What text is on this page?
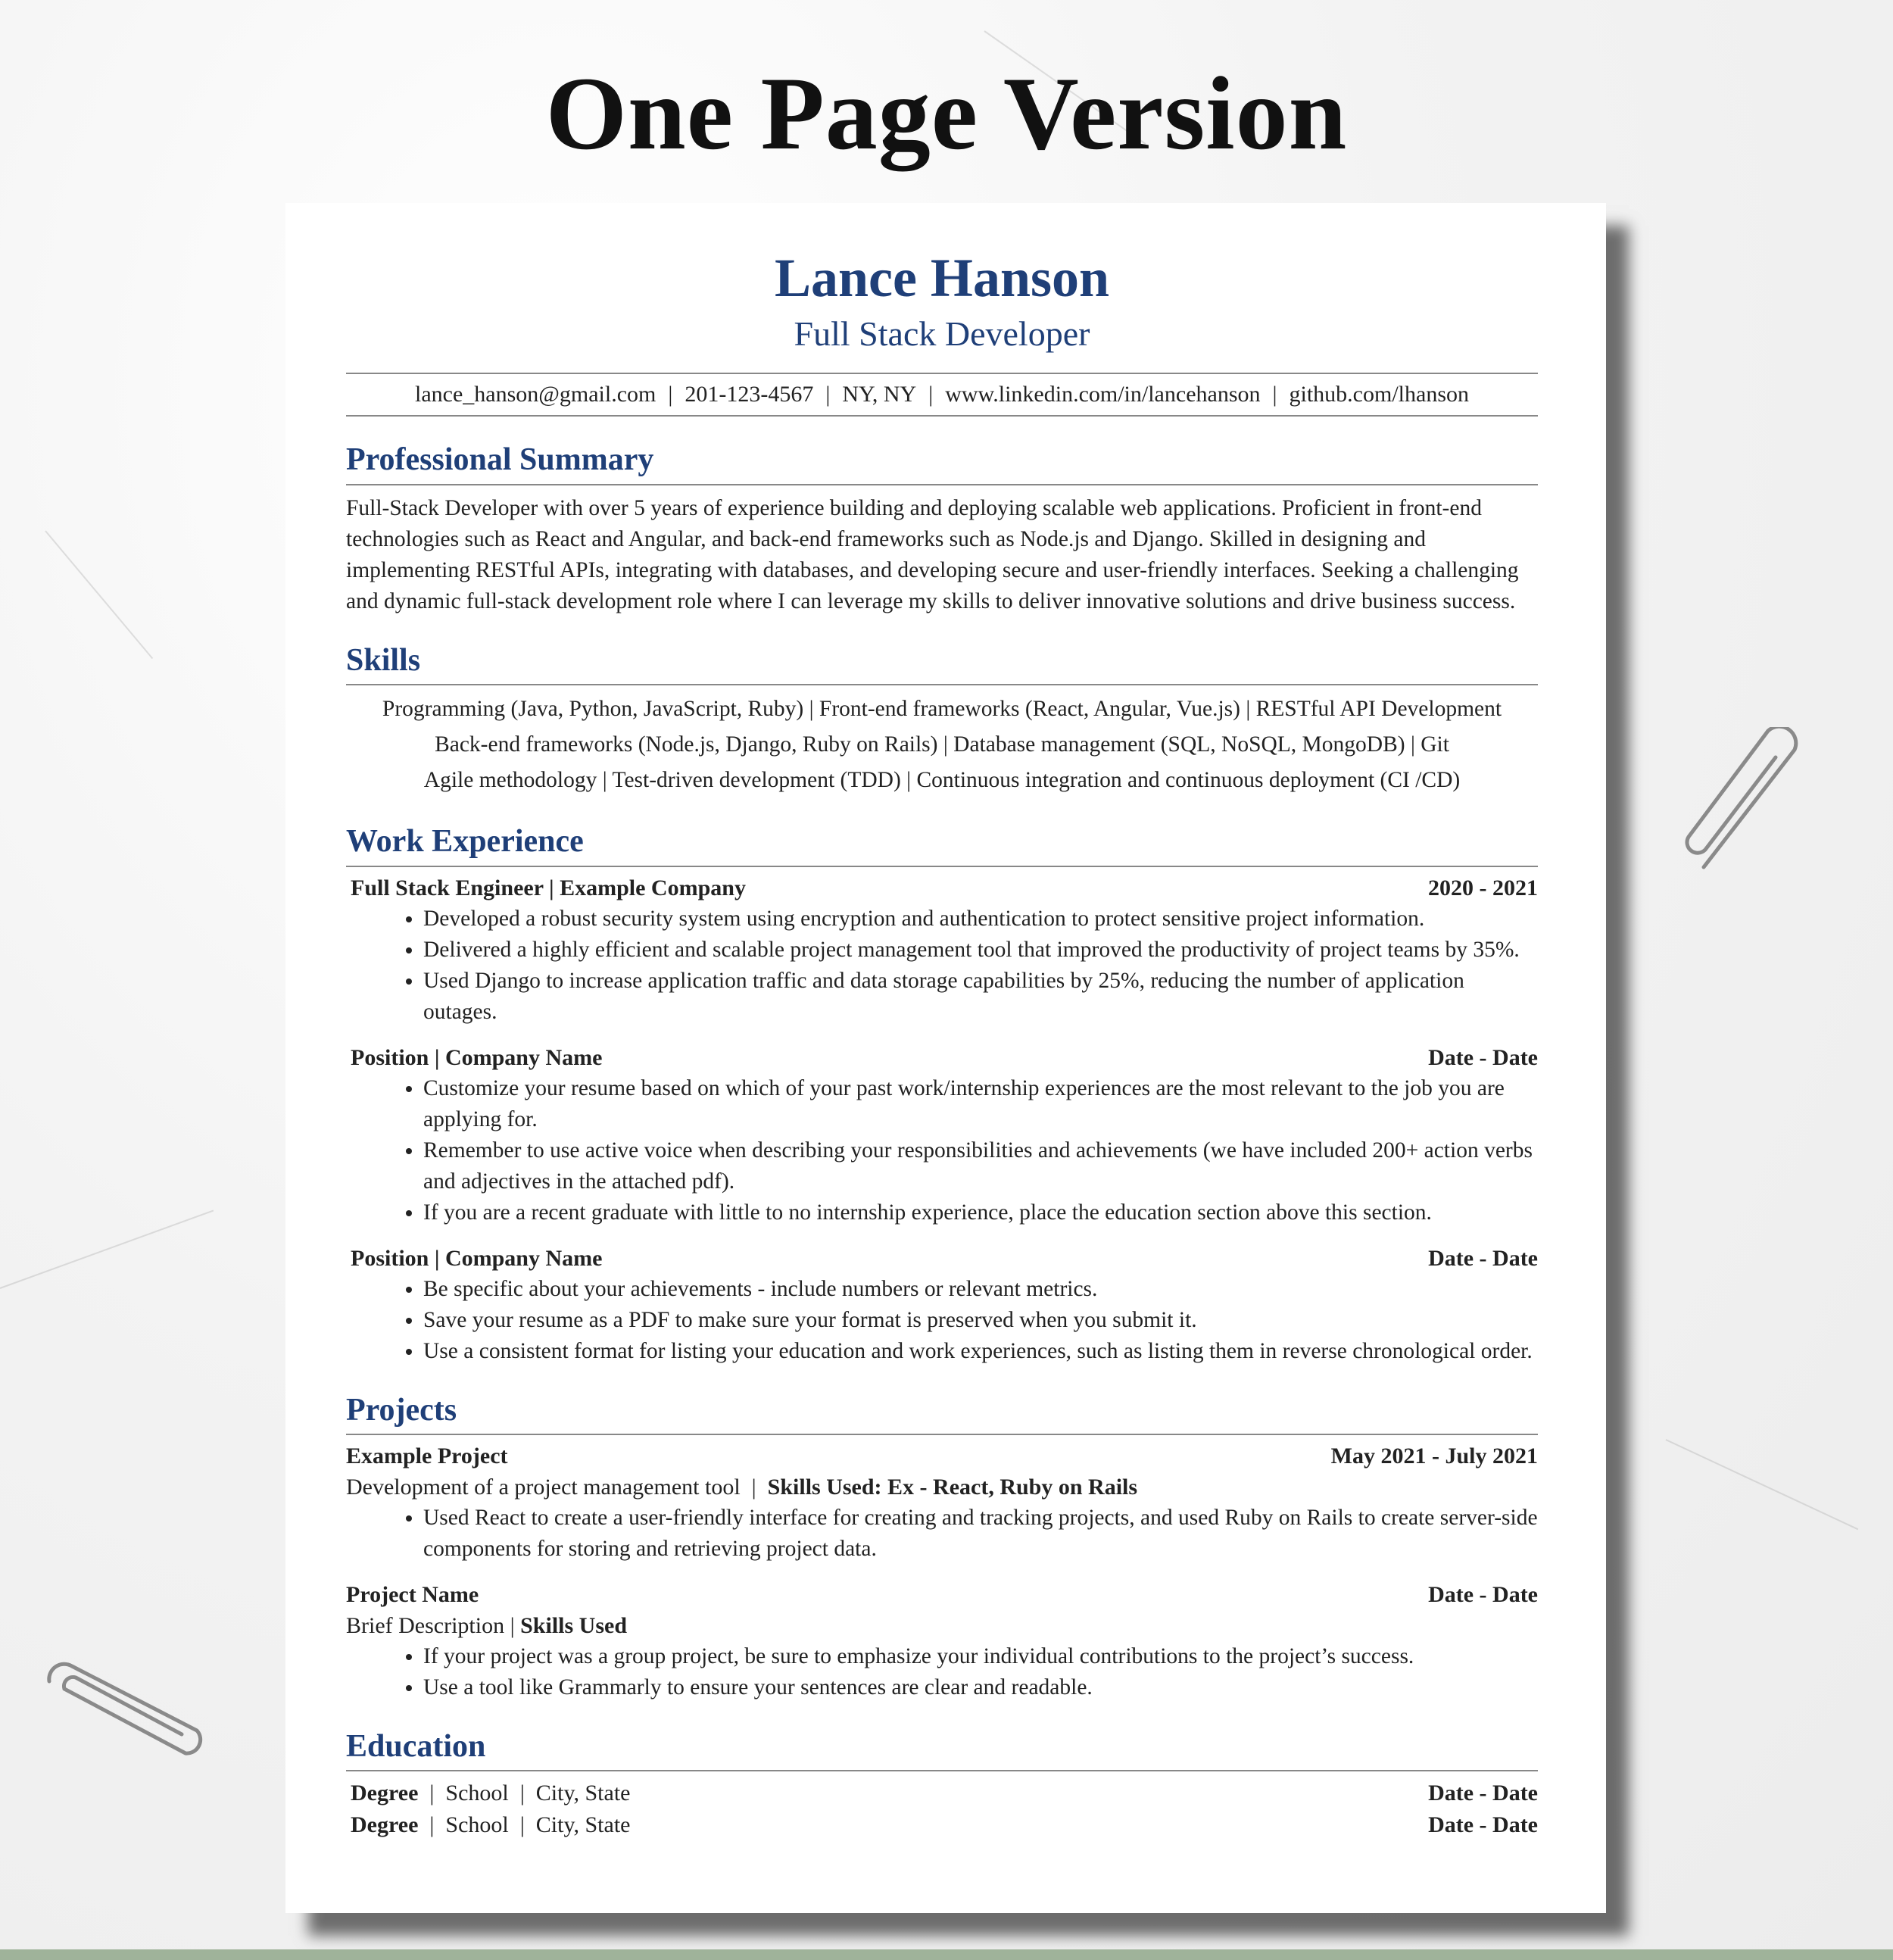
One Page Version
Lance Hanson
Full Stack Developer
lance_hanson@gmail.com | 201-123-4567 | NY, NY | www.linkedin.com/in/lancehanson | github.com/lhanson
Professional Summary
Full-Stack Developer with over 5 years of experience building and deploying scalable web applications. Proficient in front-end technologies such as React and Angular, and back-end frameworks such as Node.js and Django. Skilled in designing and implementing RESTful APIs, integrating with databases, and developing secure and user-friendly interfaces. Seeking a challenging and dynamic full-stack development role where I can leverage my skills to deliver innovative solutions and drive business success.
Skills
Programming (Java, Python, JavaScript, Ruby) | Front-end frameworks (React, Angular, Vue.js) | RESTful API Development
Back-end frameworks (Node.js, Django, Ruby on Rails) | Database management (SQL, NoSQL, MongoDB) | Git
Agile methodology | Test-driven development (TDD) | Continuous integration and continuous deployment (CI /CD)
Work Experience
Full Stack Engineer | Example Company	2020 - 2021
• Developed a robust security system using encryption and authentication to protect sensitive project information.
• Delivered a highly efficient and scalable project management tool that improved the productivity of project teams by 35%.
• Used Django to increase application traffic and data storage capabilities by 25%, reducing the number of application outages.
Position | Company Name	Date - Date
• Customize your resume based on which of your past work/internship experiences are the most relevant to the job you are applying for.
• Remember to use active voice when describing your responsibilities and achievements (we have included 200+ action verbs and adjectives in the attached pdf).
• If you are a recent graduate with little to no internship experience, place the education section above this section.
Position | Company Name	Date - Date
• Be specific about your achievements - include numbers or relevant metrics.
• Save your resume as a PDF to make sure your format is preserved when you submit it.
• Use a consistent format for listing your education and work experiences, such as listing them in reverse chronological order.
Projects
Example Project	May 2021 - July 2021
Development of a project management tool  |  Skills Used: Ex - React, Ruby on Rails
• Used React to create a user-friendly interface for creating and tracking projects, and used Ruby on Rails to create server-side components for storing and retrieving project data.
Project Name	Date - Date
Brief Description | Skills Used
• If your project was a group project, be sure to emphasize your individual contributions to the project’s success.
• Use a tool like Grammarly to ensure your sentences are clear and readable.
Education
Degree  |  School  |  City, State	Date - Date
Degree  |  School  |  City, State	Date - Date
